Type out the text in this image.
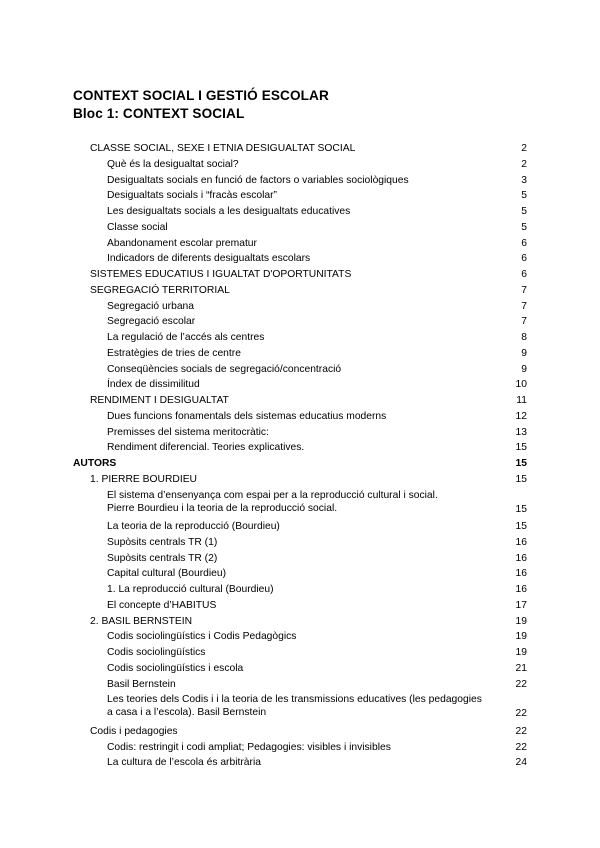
CONTEXT SOCIAL I GESTIÓ ESCOLAR
Bloc 1: CONTEXT SOCIAL
CLASSE SOCIAL, SEXE I ETNIA DESIGUALTAT SOCIAL	2
Què és la desigualtat social?	2
Desigualtats socials en funció de factors o variables sociològiques	3
Desigualtats socials i “fracàs escolar”	5
Les desigualtats socials a les desigualtats educatives	5
Classe social	5
Abandonament escolar prematur	6
Indicadors de diferents desigualtats escolars	6
SISTEMES EDUCATIUS I IGUALTAT D'OPORTUNITATS	6
SEGREGACIÓ TERRITORIAL	7
Segregació urbana	7
Segregació escolar	7
La regulació de l’accés als centres	8
Estratègies de tries de centre	9
Conseqüències socials de segregació/concentració	9
Índex de dissimilitud	10
RENDIMENT I DESIGUALTAT	11
Dues funcions fonamentals dels sistemas educatius moderns	12
Premisses del sistema meritocràtic:	13
Rendiment diferencial. Teories explicatives.	15
AUTORS	15
1. PIERRE BOURDIEU	15
El sistema d’ensenyança com espai per a la reproducció cultural i social.
Pierre Bourdieu i la teoria de la reproducció social.	15
La teoria de la reproducció (Bourdieu)	15
Supòsits centrals TR (1)	16
Supòsits centrals TR (2)	16
Capital cultural (Bourdieu)	16
1. La reproducció cultural (Bourdieu)	16
El concepte d’HABITUS	17
2. BASIL BERNSTEIN	19
Codis sociolingüístics i Codis Pedagògics	19
Codis sociolingüístics	19
Codis sociolingüístics i escola	21
Basil Bernstein	22
Les teories dels Codis i i la teoria de les transmissions educatives (les pedagogies
a casa i a l’escola). Basil Bernstein	22
Codis i pedagogies	22
Codis: restringit i codi ampliat; Pedagogies: visibles i invisibles	22
La cultura de l’escola és arbitrària	24
